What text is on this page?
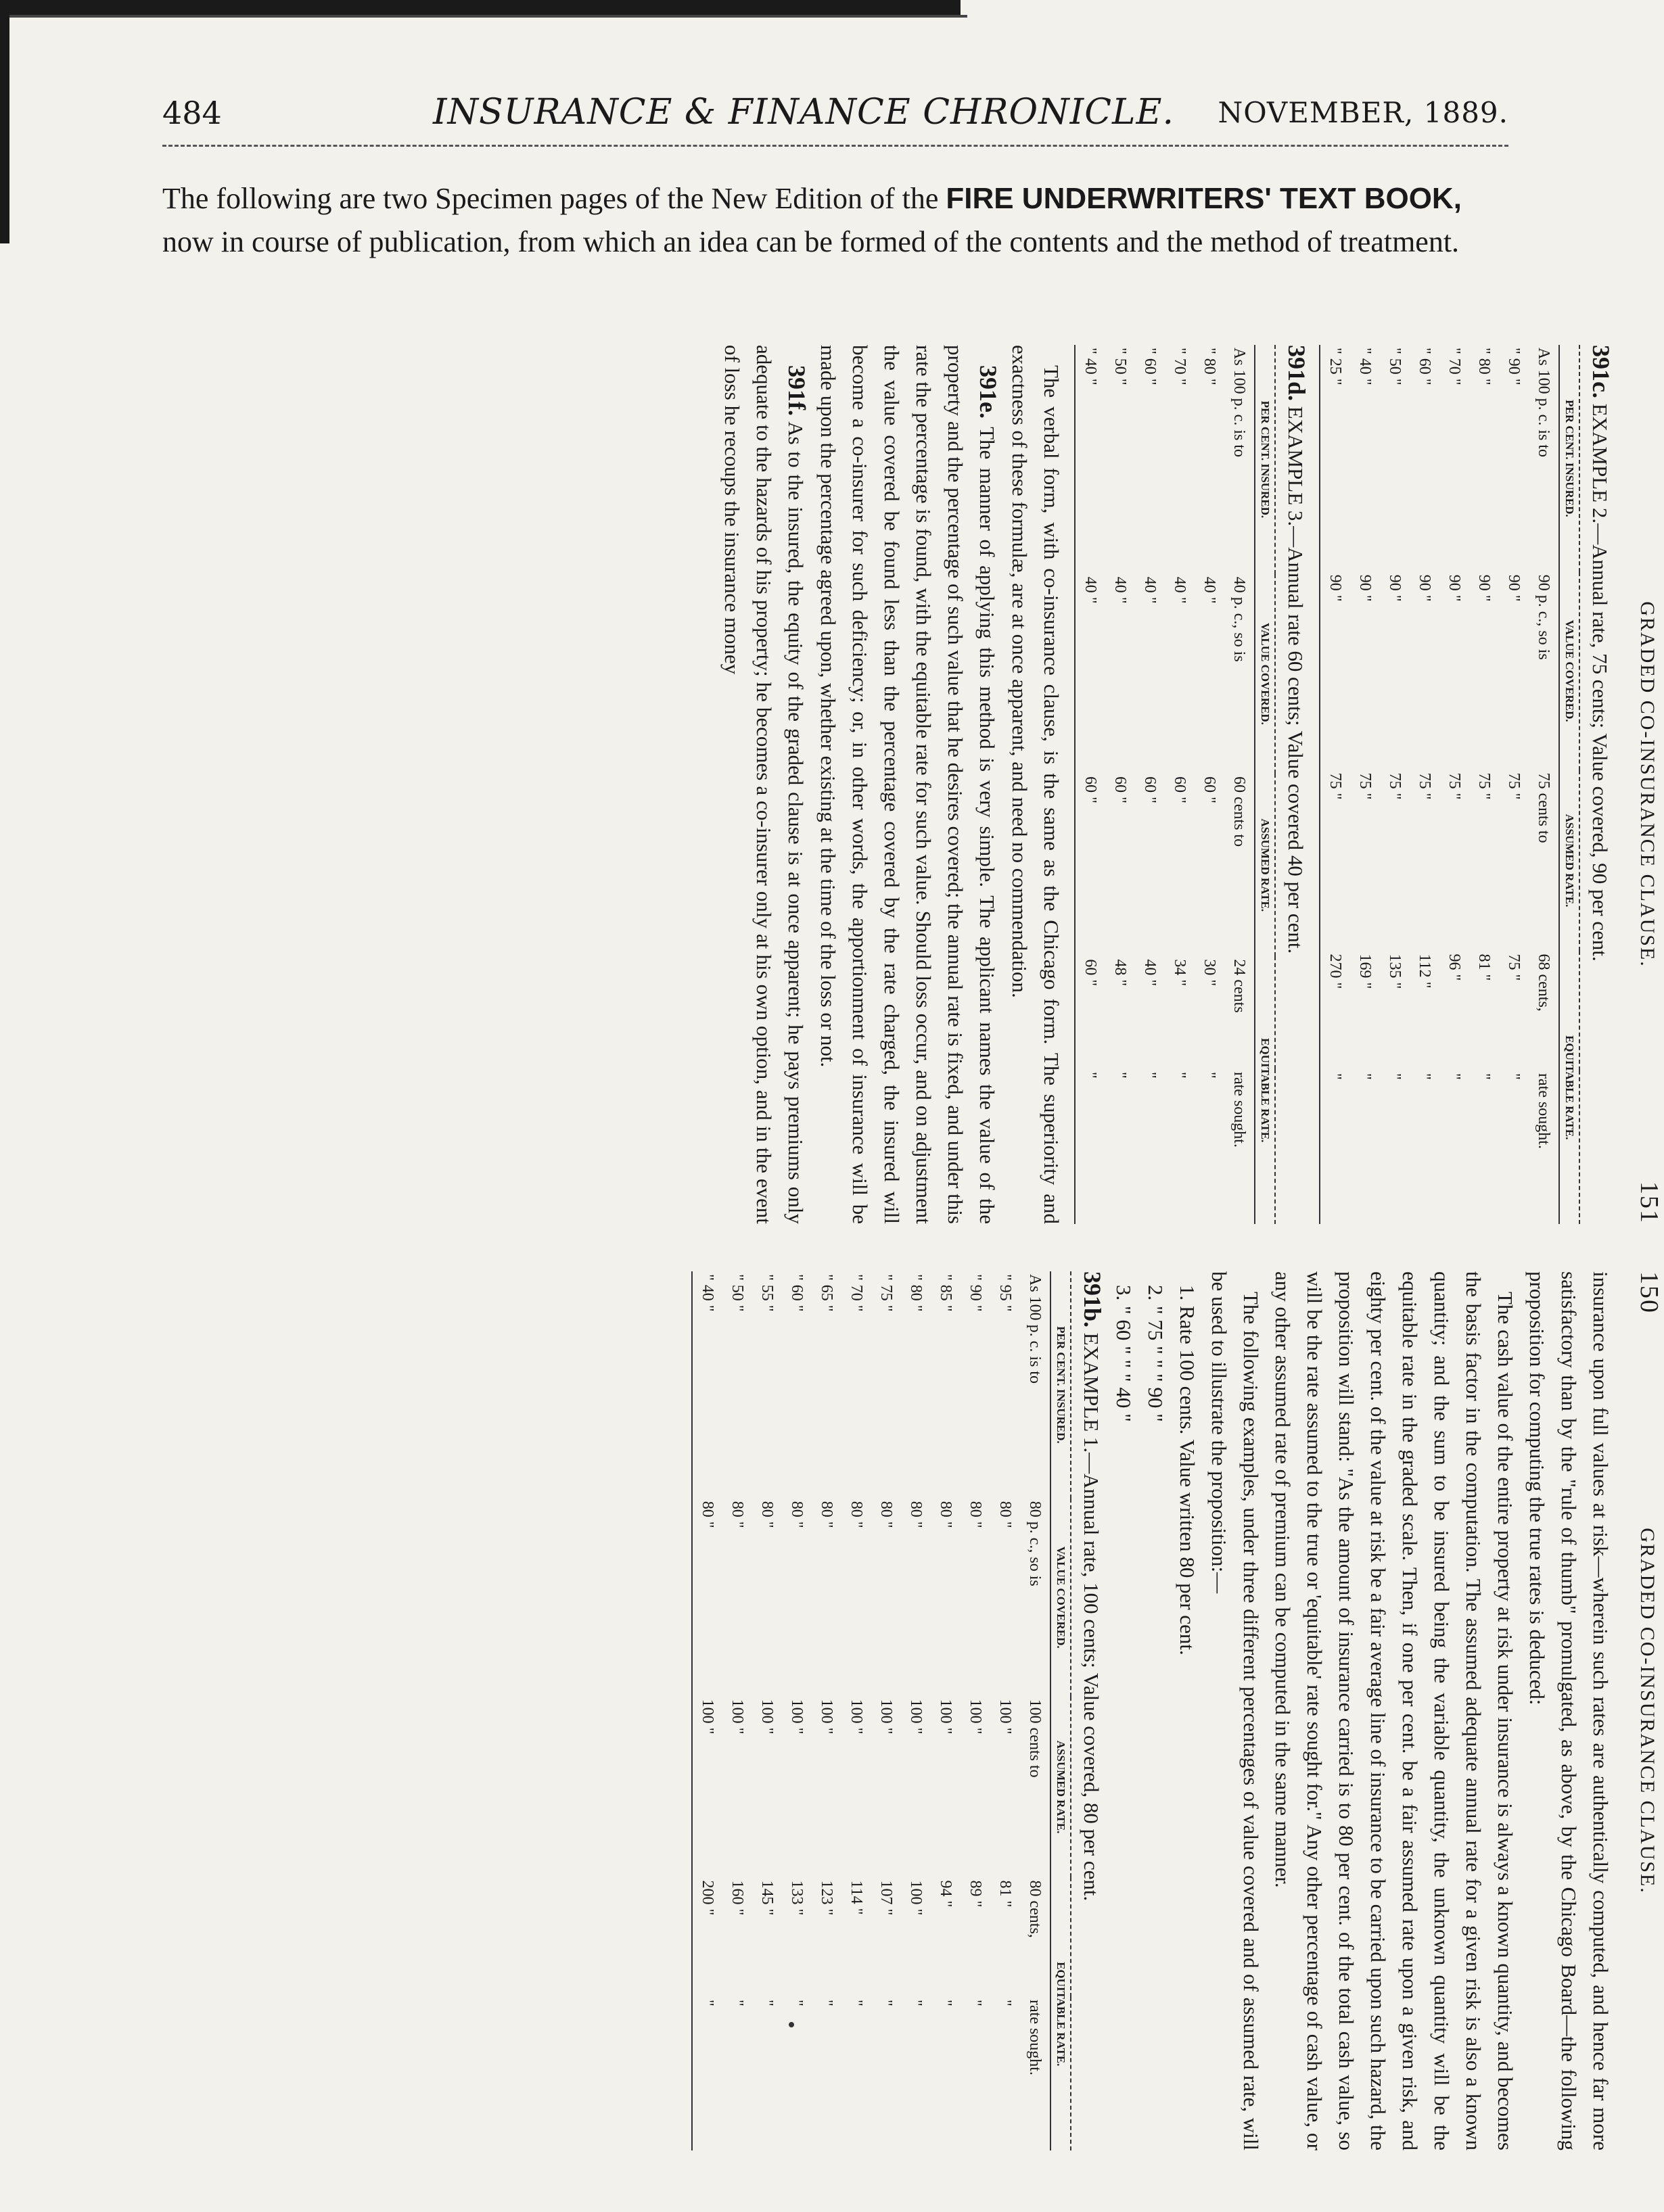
484	INSURANCE & FINANCE CHRONICLE. NOVEMBER, 1889.
The following are two Specimen pages of the New Edition of the FIRE UNDERWRITERS' TEXT BOOK, now in course of publication, from which an idea can be formed of the contents and the method of treatment.
151
GRADED CO-INSURANCE CLAUSE.

391c. EXAMPLE 2.—Annual rate, 75 cents; Value covered, 90 per cent.

PER CENT. INSURED.	VALUE COVERED.	ASSUMED RATE.	EQUITABLE RATE.	
As 100 p. c. is to	90 p. c., so is	75 cents to	68 cents,	rate sought.
" 90 "	90 "	75 "	75 "	"
" 80 "	90 "	75 "	81 "	"
" 70 "	90 "	75 "	96 "	"
" 60 "	90 "	75 "	112 "	"
" 50 "	90 "	75 "	135 "	"
" 40 "	90 "	75 "	169 "	"
" 25 "	90 "	75 "	270 "	"

391d. EXAMPLE 3.—Annual rate 60 cents; Value covered 40 per cent.

PER CENT. INSURED.	VALUE COVERED.	ASSUMED RATE.	EQUITABLE RATE.	
As 100 p. c. is to	40 p. c., so is	60 cents to	24 cents	rate sought.
" 80 "	40 "	60 "	30 "	"
" 70 "	40 "	60 "	34 "	"
" 60 "	40 "	60 "	40 "	"
" 50 "	40 "	60 "	48 "	"
" 40 "	40 "	60 "	60 "	"

The verbal form, with co-insurance clause, is the same as the Chicago form. The superiority and exactness of these formulæ, are at once apparent, and need no commendation.

391e. The manner of applying this method is very simple. The applicant names the value of the property and the percentage of such value that he desires covered; the annual rate is fixed, and under this rate the percentage is found, with the equitable rate for such value. Should loss occur, and on adjustment the value covered be found less than the percentage covered by the rate charged, the insured will become a co-insurer for such deficiency; or, in other words, the apportionment of insurance will be made upon the percentage agreed upon, whether existing at the time of the loss or not.

391f. As to the insured, the equity of the graded clause is at once apparent; he pays premiums only adequate to the hazards of his property; he becomes a co-insurer only at his own option, and in the event of loss he recoups the insurance money

150
GRADED CO-INSURANCE CLAUSE.

insurance upon full values at risk—wherein such rates are authentically computed, and hence far more satisfactory than by the "rule of thumb" promulgated, as above, by the Chicago Board—the following proposition for computing the true rates is deduced:

The cash value of the entire property at risk under insurance is always a known quantity, and becomes the basis factor in the computation. The assumed adequate annual rate for a given risk is also a known quantity; and the sum to be insured being the variable quantity, the unknown quantity will be the equitable rate in the graded scale. Then, if one per cent. be a fair assumed rate upon a given risk, and eighty per cent. of the value at risk be a fair average line of insurance to be carried upon such hazard, the proposition will stand: "As the amount of insurance carried is to 80 per cent. of the total cash value, so will be the rate assumed to the true or 'equitable' rate sought for." Any other percentage of cash value, or any other assumed rate of premium can be computed in the same manner.

The following examples, under three different percentages of value covered and of assumed rate, will be used to illustrate the proposition:—

1. Rate 100 cents. Value written 80 per cent.

2. " 75 " " " 90 "

3. " 60 " " " 40 "

391b. EXAMPLE 1.—Annual rate, 100 cents; Value covered, 80 per cent.

PER CENT. INSURED.	VALUE COVERED.	ASSUMED RATE.	EQUITABLE RATE.	
As 100 p. c. is to	80 p. c., so is	100 cents to	80 cents,	rate sought.
" 95 "	80 "	100 "	81 "	"
" 90 "	80 "	100 "	89 "	"
" 85 "	80 "	100 "	94 "	"
" 80 "	80 "	100 "	100 "	"
" 75 "	80 "	100 "	107 "	"
" 70 "	80 "	100 "	114 "	"
" 65 "	80 "	100 "	123 "	"
" 60 "	80 "	100 "	133 "	"
" 55 "	80 "	100 "	145 "	"
" 50 "	80 "	100 "	160 "	"
" 40 "	80 "	100 "	200 "	"
